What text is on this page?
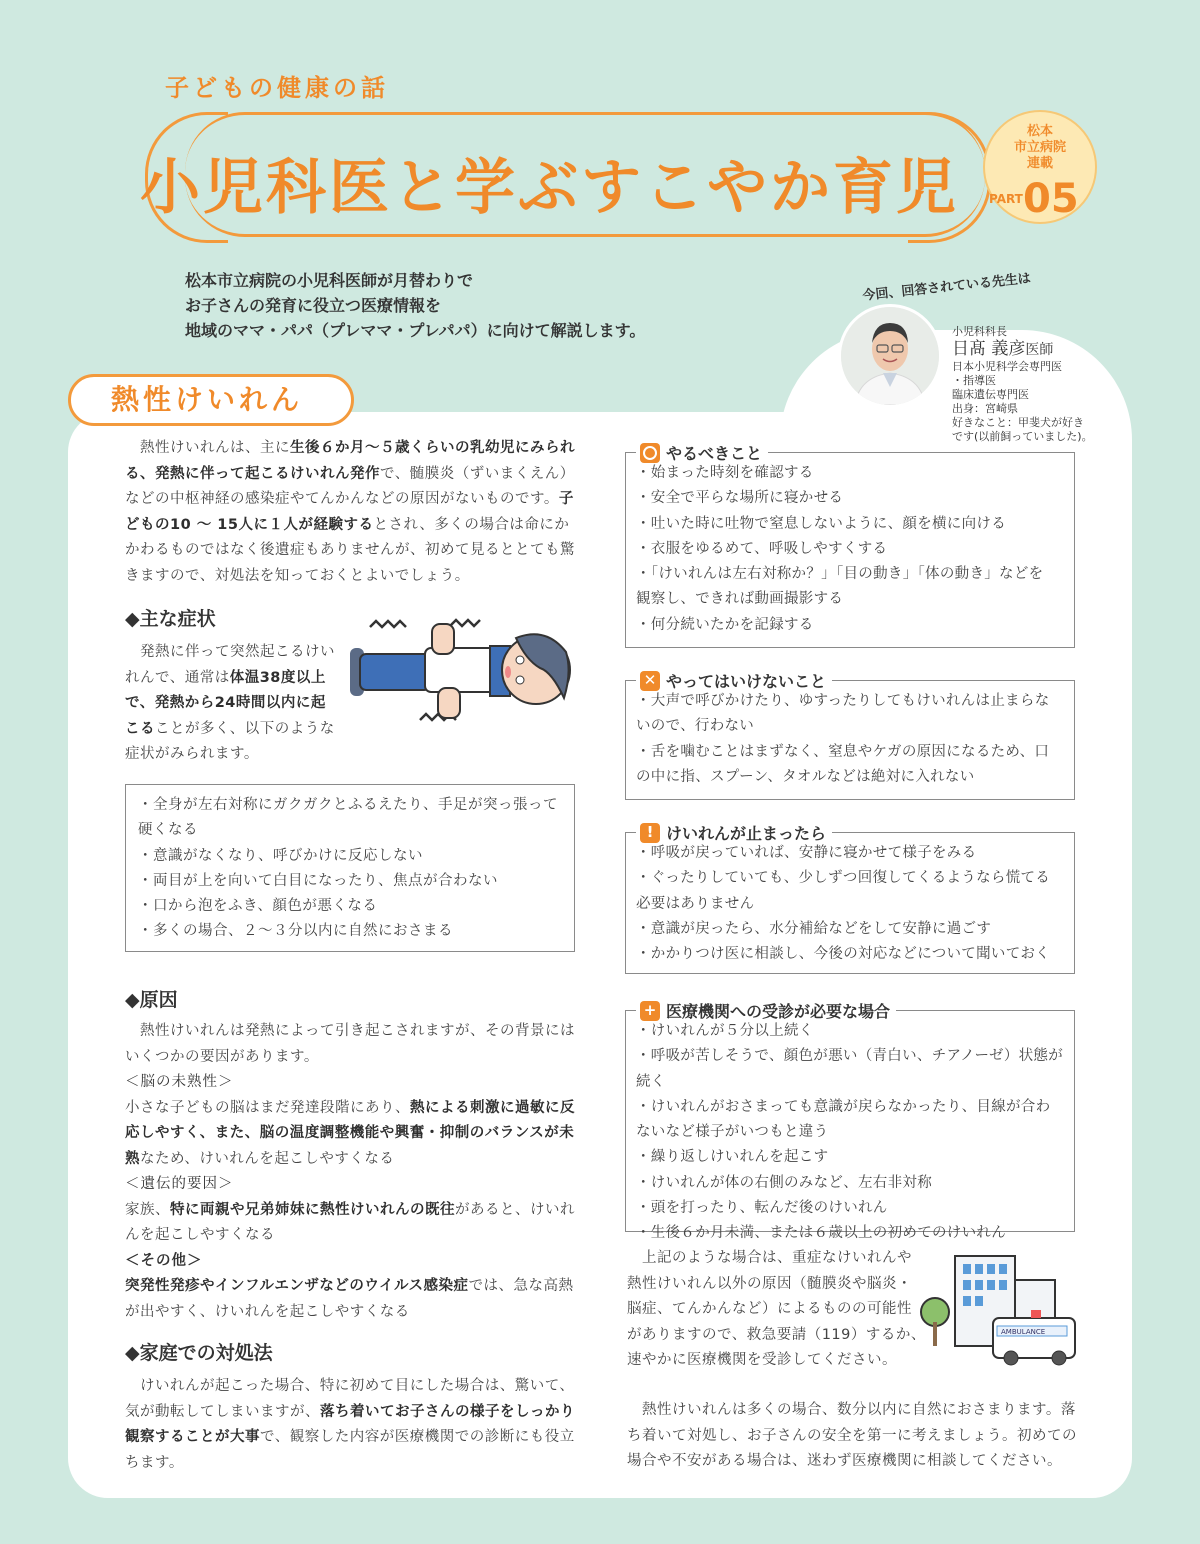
子どもの健康の話
小児科医と学ぶすこやか育児
松本
市立病院
連載
PART 05
松本市立病院の小児科医師が月替わりで
お子さんの発育に役立つ医療情報を
地域のママ・パパ（プレママ・プレパパ）に向けて解説します。
今回、回答されている先生は
小児科科長
日髙 義彦医師
日本小児科学会専門医
・指導医
臨床遺伝専門医
出身：宮崎県
好きなこと：甲斐犬が好き
です(以前飼っていました)。
熱性けいれん
　熱性けいれんは、主に生後６か月～５歳くらいの乳幼児にみられる、発熱に伴って起こるけいれん発作で、髄膜炎（ずいまくえん）などの中枢神経の感染症やてんかんなどの原因がないものです。子どもの10 ～ 15人に１人が経験するとされ、多くの場合は命にかかわるものではなく後遺症もありませんが、初めて見るととても驚きますので、対処法を知っておくとよいでしょう。
◆主な症状
　発熱に伴って突然起こるけいれんで、通常は体温38度以上で、発熱から24時間以内に起こることが多く、以下のような症状がみられます。
・全身が左右対称にガクガクとふるえたり、手足が突っ張って硬くなる
・意識がなくなり、呼びかけに反応しない
・両目が上を向いて白目になったり、焦点が合わない
・口から泡をふき、顔色が悪くなる
・多くの場合、２～３分以内に自然におさまる
◆原因
　熱性けいれんは発熱によって引き起こされますが、その背景にはいくつかの要因があります。
＜脳の未熟性＞
小さな子どもの脳はまだ発達段階にあり、熱による刺激に過敏に反応しやすく、また、脳の温度調整機能や興奮・抑制のバランスが未熟なため、けいれんを起こしやすくなる
＜遺伝的要因＞
家族、特に両親や兄弟姉妹に熱性けいれんの既往があると、けいれんを起こしやすくなる
＜その他＞
突発性発疹やインフルエンザなどのウイルス感染症では、急な高熱が出やすく、けいれんを起こしやすくなる
◆家庭での対処法
　けいれんが起こった場合、特に初めて目にした場合は、驚いて、気が動転してしまいますが、落ち着いてお子さんの様子をしっかり観察することが大事で、観察した内容が医療機関での診断にも役立ちます。
・始まった時刻を確認する
・安全で平らな場所に寝かせる
・吐いた時に吐物で窒息しないように、顔を横に向ける
・衣服をゆるめて、呼吸しやすくする
・「けいれんは左右対称か？」「目の動き」「体の動き」などを
観察し、できれば動画撮影する
・何分続いたかを記録する
やるべきこと
・大声で呼びかけたり、ゆすったりしてもけいれんは止まらな
いので、行わない
・舌を噛むことはまずなく、窒息やケガの原因になるため、口
の中に指、スプーン、タオルなどは絶対に入れない
✕ やってはいけないこと
・呼吸が戻っていれば、安静に寝かせて様子をみる
・ぐったりしていても、少しずつ回復してくるようなら慌てる
必要はありません
・意識が戻ったら、水分補給などをして安静に過ごす
・かかりつけ医に相談し、今後の対応などについて聞いておく
! けいれんが止まったら
・けいれんが５分以上続く
・呼吸が苦しそうで、顔色が悪い（青白い、チアノーゼ）状態が続く
・けいれんがおさまっても意識が戻らなかったり、目線が合わ
ないなど様子がいつもと違う
・繰り返しけいれんを起こす
・けいれんが体の右側のみなど、左右非対称
・頭を打ったり、転んだ後のけいれん
・生後６か月未満、または６歳以上の初めてのけいれん
+ 医療機関への受診が必要な場合
　上記のような場合は、重症なけいれんや
熱性けいれん以外の原因（髄膜炎や脳炎・
脳症、てんかんなど）によるものの可能性
がありますので、救急要請（119）するか、
速やかに医療機関を受診してください。
AMBULANCE
　熱性けいれんは多くの場合、数分以内に自然におさまります。落
ち着いて対処し、お子さんの安全を第一に考えましょう。初めての
場合や不安がある場合は、迷わず医療機関に相談してください。
